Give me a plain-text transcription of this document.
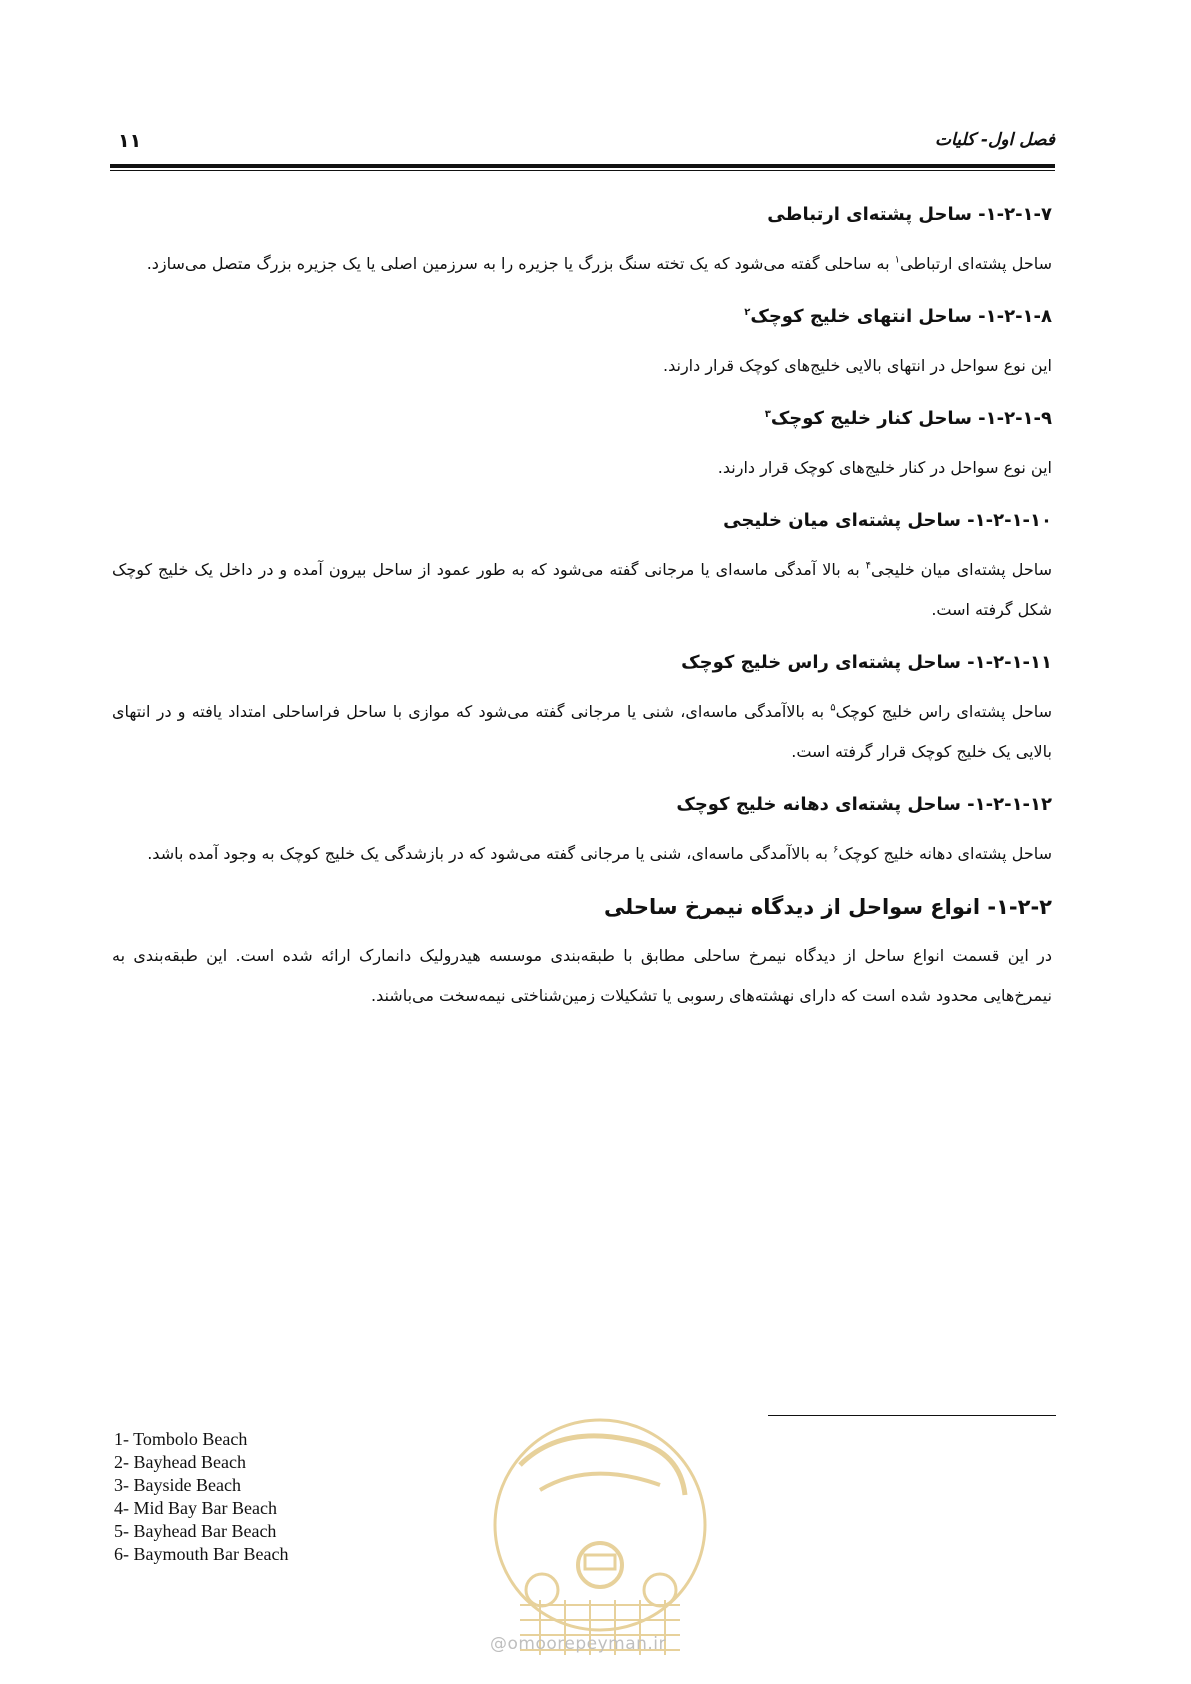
۱۱	فصل اول- کلیات
۱-۲-۱-۷- ساحل پشته‌ای ارتباطی

ساحل پشته‌ای ارتباطی$^۱$ به ساحلی گفته می‌شود که یک تخته سنگ بزرگ یا جزیره را به سرزمین اصلی یا یک جزیره بزرگ متصل می‌سازد.

۱-۲-۱-۸- ساحل انتهای خلیج کوچک$^۲$

این نوع سواحل در انتهای بالایی خلیج‌های کوچک قرار دارند.

۱-۲-۱-۹- ساحل کنار خلیج کوچک$^۳$

این نوع سواحل در کنار خلیج‌های کوچک قرار دارند.

۱-۲-۱-۱۰- ساحل پشته‌ای میان خلیجی

ساحل پشته‌ای میان خلیجی$^۴$ به بالا آمدگی ماسه‌ای یا مرجانی گفته می‌شود که به طور عمود از ساحل بیرون آمده و در داخل یک خلیج کوچک شکل گرفته است.

۱-۲-۱-۱۱- ساحل پشته‌ای راس خلیج کوچک

ساحل پشته‌ای راس خلیج کوچک$^۵$ به بالاآمدگی ماسه‌ای، شنی یا مرجانی گفته می‌شود که موازی با ساحل فراساحلی امتداد یافته و در انتهای بالایی یک خلیج کوچک قرار گرفته است.

۱-۲-۱-۱۲- ساحل پشته‌ای دهانه خلیج کوچک

ساحل پشته‌ای دهانه خلیج کوچک$^۶$ به بالاآمدگی ماسه‌ای، شنی یا مرجانی گفته می‌شود که در بازشدگی یک خلیج کوچک به وجود آمده باشد.

۱-۲-۲- انواع سواحل از دیدگاه نیمرخ ساحلی

در این قسمت انواع ساحل از دیدگاه نیمرخ ساحلی مطابق با طبقه‌بندی موسسه هیدرولیک دانمارک ارائه شده است. این طبقه‌بندی به نیمرخ‌هایی محدود شده است که دارای نهشته‌های رسوبی یا تشکیلات زمین‌شناختی نیمه‌سخت می‌باشند.

1- Tombolo Beach
2- Bayhead Beach
3- Bayside Beach
4- Mid Bay Bar Beach
5- Bayhead Bar Beach
6- Baymouth Bar Beach
@omoorepeyman.ir
